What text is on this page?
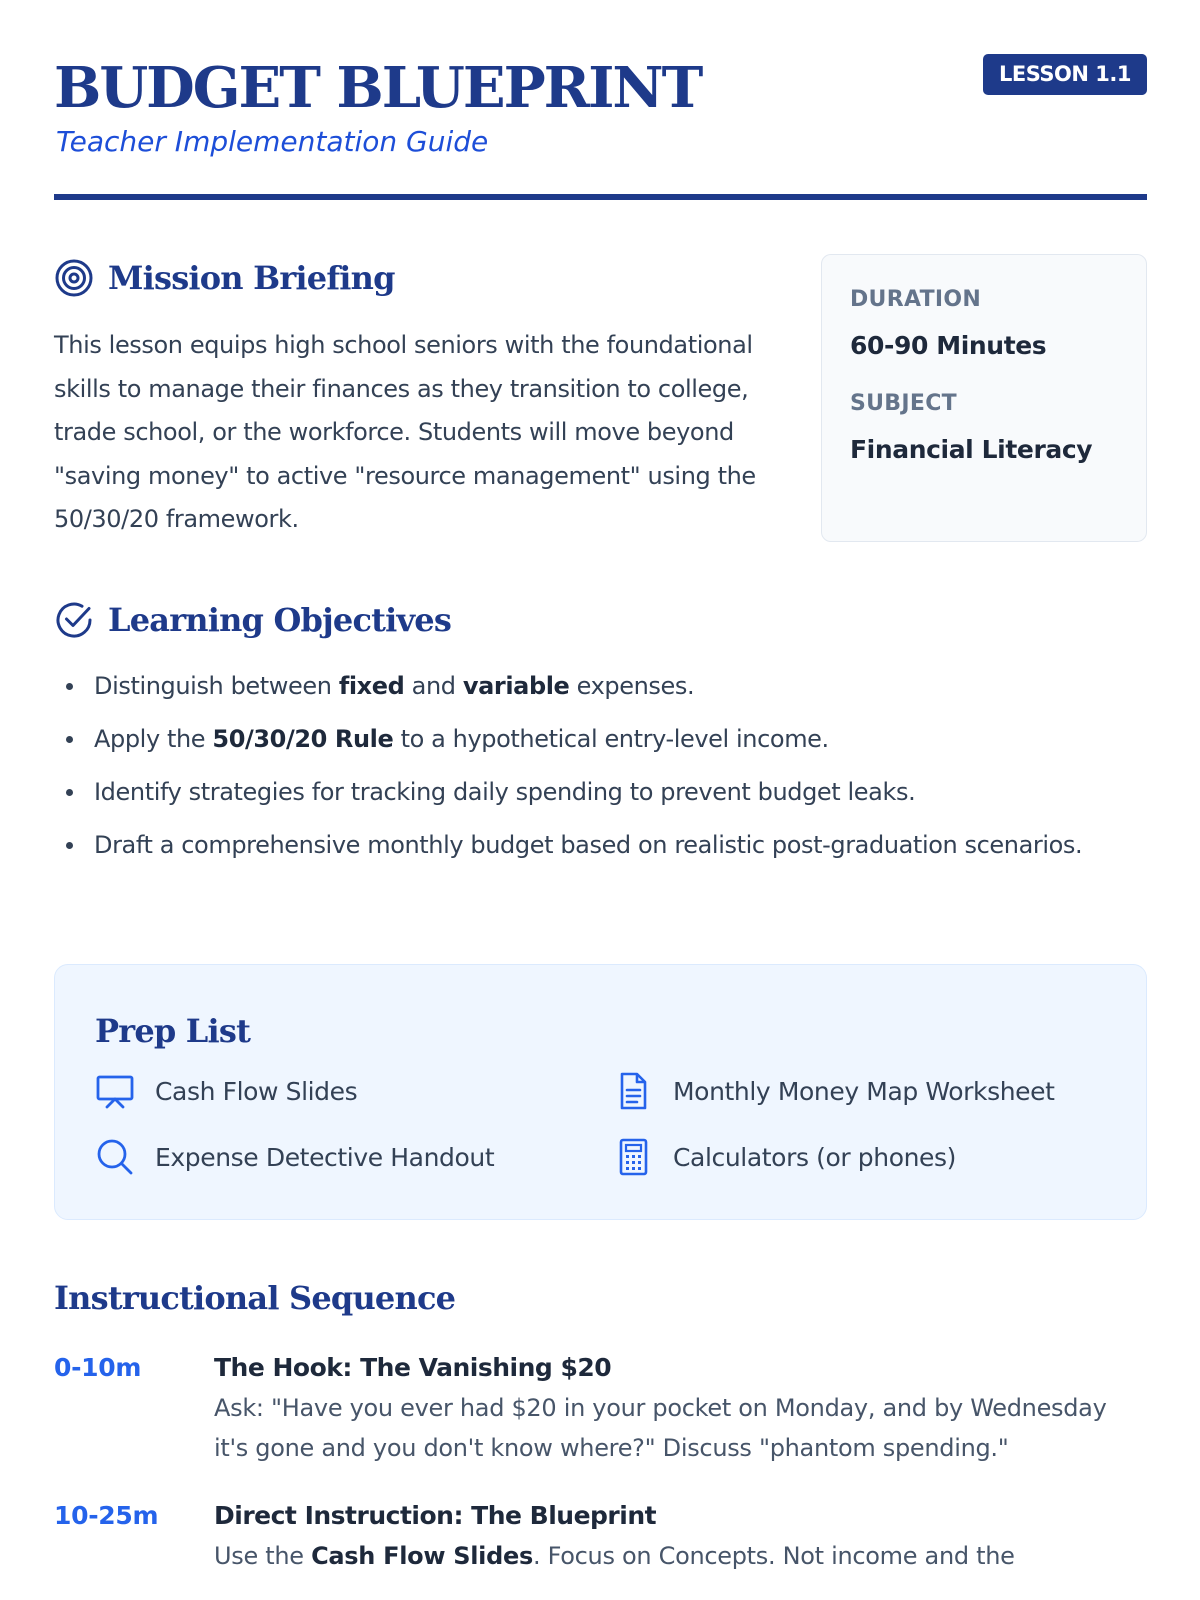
BUDGET BLUEPRINT
Teacher Implementation Guide
LESSON 1.1
Mission Briefing

This lesson equips high school seniors with the foundational skills to manage their finances as they transition to college, trade school, or the workforce. Students will move beyond "saving money" to active "resource management" using the 50/30/20 framework.

DURATION
60-90 Minutes
SUBJECT
Financial Literacy
Learning Objectives
Distinguish between fixed and variable expenses.
Apply the 50/30/20 Rule to a hypothetical entry-level income.
Identify strategies for tracking daily spending to prevent budget leaks.
Draft a comprehensive monthly budget based on realistic post-graduation scenarios.
Prep List
Cash Flow Slides	Monthly Money Map Worksheet
Expense Detective Handout	Calculators (or phones)
Instructional Sequence
0-10m	The Hook: The Vanishing $20
Ask: "Have you ever had $20 in your pocket on Monday, and by Wednesday it's gone and you don't know where?" Discuss "phantom spending."
10-25m Direct Instruction: The Blueprint
Use the Cash Flow Slides. Focus on Concepts. Not income and the
